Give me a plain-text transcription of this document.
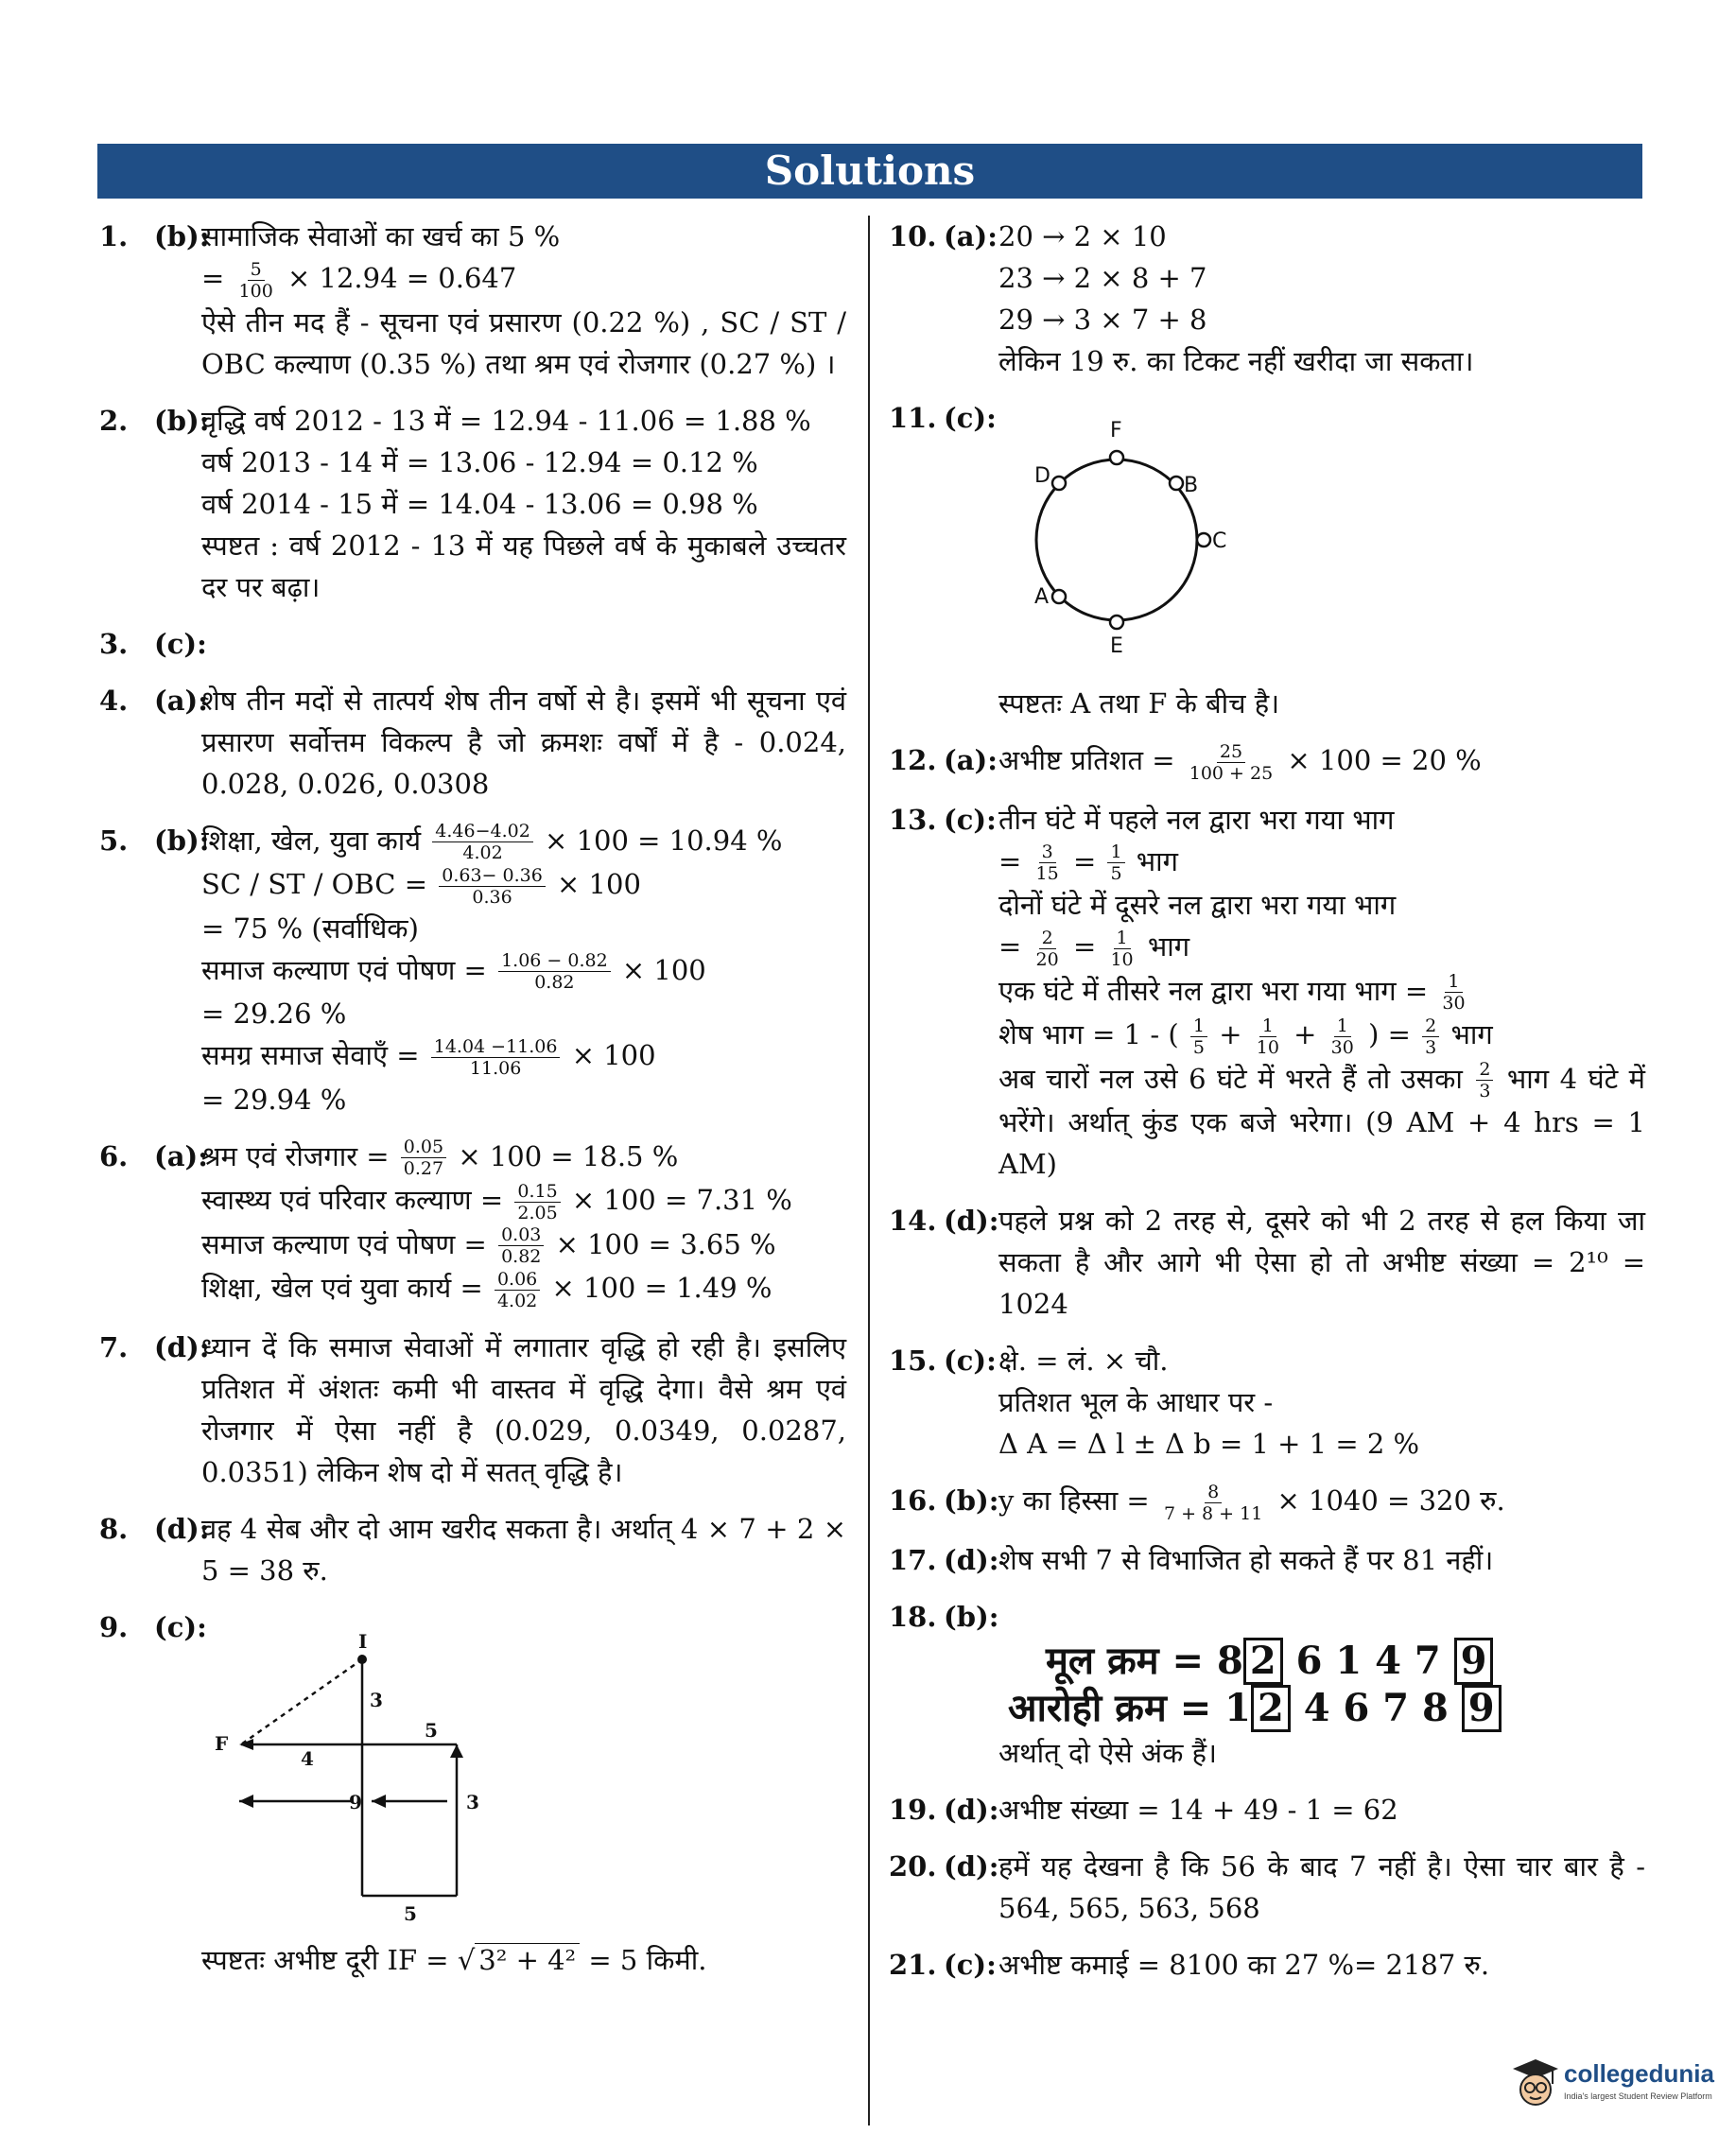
Solutions
1. (b):
सामाजिक सेवाओं का खर्च का 5 %
= $\frac{5}{100} \times 12.94 = 0.647$
ऐसे तीन मद हैं - सूचना एवं प्रसारण (0.22 %) , SC / ST / OBC कल्याण (0.35 %) तथा श्रम एवं रोजगार (0.27 %) ।
2. (b):
वृद्धि वर्ष 2012 - 13 में = 12.94 - 11.06 = 1.88 %
वर्ष 2013 - 14 में = 13.06 - 12.94 = 0.12 %
वर्ष 2014 - 15 में = 14.04 - 13.06 = 0.98 %
स्पष्टत : वर्ष 2012 - 13 में यह पिछले वर्ष के मुकाबले उच्चतर दर पर बढ़ा।
3. (c):
4. (a):
शेष तीन मदों से तात्पर्य शेष तीन वर्षो से है। इसमें भी सूचना एवं प्रसारण सर्वोत्तम विकल्प है जो क्रमशः वर्षों में है - 0.024, 0.028, 0.026, 0.0308
5. (b):
शिक्षा, खेल, युवा कार्य $\frac{4.46-4.02}{4.02} \times 100 = 10.94$ %
SC / ST / OBC = $\frac{0.63- 0.36}{0.36} \times 100$
= 75 % (सर्वाधिक)
समाज कल्याण एवं पोषण = $\frac{1.06 - 0.82}{0.82} \times 100$
= 29.26 %
समग्र समाज सेवाएँ = $\frac{14.04 -11.06}{11.06} \times 100$
= 29.94 %
6. (a):
श्रम एवं रोजगार = $\frac{0.05}{0.27} \times 100 = 18.5$ %
स्वास्थ्य एवं परिवार कल्याण = $\frac{0.15}{2.05} \times 100 = 7.31$ %
समाज कल्याण एवं पोषण = $\frac{0.03}{0.82} \times 100 = 3.65$ %
शिक्षा, खेल एवं युवा कार्य = $\frac{0.06}{4.02} \times 100 = 1.49$ %
7. (d):
ध्यान दें कि समाज सेवाओं में लगातार वृद्धि हो रही है। इसलिए प्रतिशत में अंशतः कमी भी वास्तव में वृद्धि देगा। वैसे श्रम एवं रोजगार में ऐसा नहीं है (0.029, 0.0349, 0.0287, 0.0351) लेकिन शेष दो में सतत् वृद्धि है।
8. (d):
वह 4 सेब और दो आम खरीद सकता है। अर्थात् 4 × 7 + 2 × 5 = 38 रु.
9. (c):	I
F
3
5
4
9	3
5
स्पष्टतः अभीष्ट दूरी IF = √ 3² + 4² = 5 किमी.
10. (a): 20 → 2 × 10
23 → 2 × 8 + 7
29 → 3 × 7 + 8
लेकिन 19 रु. का टिकट नहीं खरीदा जा सकता।
11. (c):	F
D	B
C
A
E
स्पष्टतः A तथा F के बीच है।
12. (a): अभीष्ट प्रतिशत = $\frac{25}{100 + 25} \times 100 = 20$ %
13. (c): तीन घंटे में पहले नल द्वारा भरा गया भाग
= $\frac{3}{15} = \frac{1}{5}$ भाग
दोनों घंटे में दूसरे नल द्वारा भरा गया भाग
= $\frac{2}{20} = \frac{1}{10}$ भाग
एक घंटे में तीसरे नल द्वारा भरा गया भाग = $\frac{1}{30}$
शेष भाग = 1 - ( $\frac{1}{5} + \frac{1}{10} + \frac{1}{30}$ ) = $\frac{2}{3}$ भाग
अब चारों नल उसे 6 घंटे में भरते हैं तो उसका $\frac{2}{3}$ भाग 4 घंटे में भरेंगे। अर्थात् कुंड एक बजे भरेगा। (9 AM + 4 hrs = 1 AM)
14. (d): पहले प्रश्न को 2 तरह से, दूसरे को भी 2 तरह से हल किया जा सकता है और आगे भी ऐसा हो तो अभीष्ट संख्या = 2¹⁰ = 1024
15. (c): क्षे. = लं. × चौ.
प्रतिशत भूल के आधार पर -
Δ A = Δ l ± Δ b = 1 + 1 = 2 %
16. (b): y का हिस्सा = $\frac{8}{7 + 8 + 11} \times 1040 = 320$ रु.
17. (d): शेष सभी 7 से विभाजित हो सकते हैं पर 81 नहीं।
18. (b):
मूल क्रम = 8 2 6 1 4 7 9
आरोही क्रम = 1 2 4 6 7 8 9
अर्थात् दो ऐसे अंक हैं।
19. (d): अभीष्ट संख्या = 14 + 49 - 1 = 62
20. (d): हमें यह देखना है कि 56 के बाद 7 नहीं है। ऐसा चार बार है - 564, 565, 563, 568
21. (c): अभीष्ट कमाई = 8100 का 27 %= 2187 रु.
collegedunia
India's largest Student Review Platform
